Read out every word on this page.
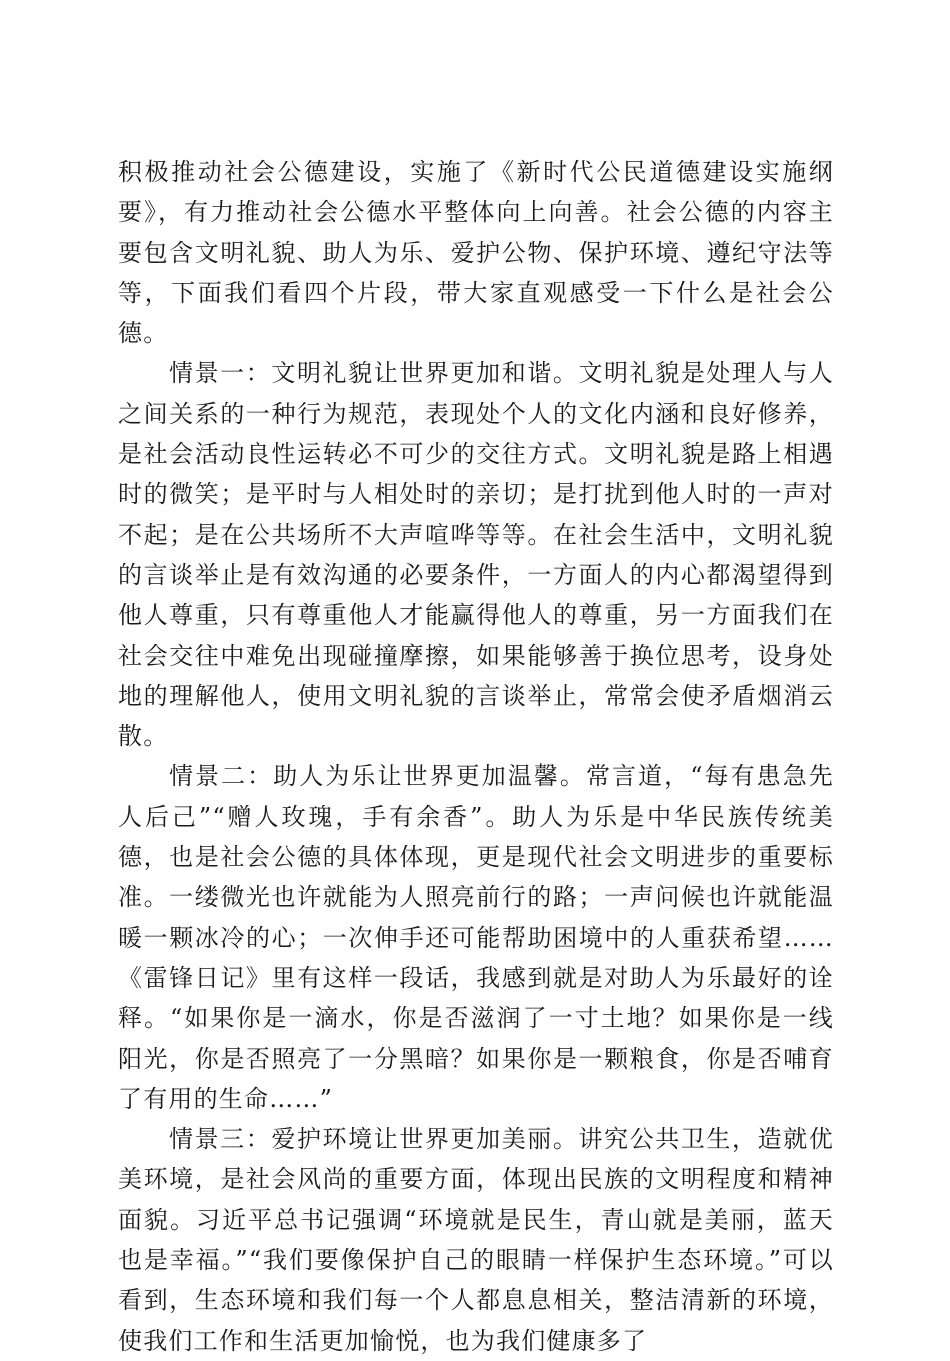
积极推动社会公德建设，实施了《新时代公民道德建设实施纲要》，有力推动社会公德水平整体向上向善。社会公德的内容主要包含文明礼貌、助人为乐、爱护公物、保护环境、遵纪守法等等，下面我们看四个片段，带大家直观感受一下什么是社会公德。

情景一：文明礼貌让世界更加和谐。文明礼貌是处理人与人之间关系的一种行为规范，表现处个人的文化内涵和良好修养，是社会活动良性运转必不可少的交往方式。文明礼貌是路上相遇时的微笑；是平时与人相处时的亲切；是打扰到他人时的一声对不起；是在公共场所不大声喧哗等等。在社会生活中，文明礼貌的言谈举止是有效沟通的必要条件，一方面人的内心都渴望得到他人尊重，只有尊重他人才能赢得他人的尊重，另一方面我们在社会交往中难免出现碰撞摩擦，如果能够善于换位思考，设身处地的理解他人，使用文明礼貌的言谈举止，常常会使矛盾烟消云散。

情景二：助人为乐让世界更加温馨。常言道，“每有患急先人后己”“赠人玫瑰，手有余香”。助人为乐是中华民族传统美德，也是社会公德的具体体现，更是现代社会文明进步的重要标准。一缕微光也许就能为人照亮前行的路；一声问候也许就能温暖一颗冰冷的心；一次伸手还可能帮助困境中的人重获希望……《雷锋日记》里有这样一段话，我感到就是对助人为乐最好的诠释。“如果你是一滴水，你是否滋润了一寸土地？如果你是一线阳光，你是否照亮了一分黑暗？如果你是一颗粮食，你是否哺育了有用的生命……”

情景三：爱护环境让世界更加美丽。讲究公共卫生，造就优美环境，是社会风尚的重要方面，体现出民族的文明程度和精神面貌。习近平总书记强调“环境就是民生，青山就是美丽，蓝天也是幸福。”“我们要像保护自己的眼睛一样保护生态环境。”可以看到，生态环境和我们每一个人都息息相关，整洁清新的环境，使我们工作和生活更加愉悦，也为我们健康多了
